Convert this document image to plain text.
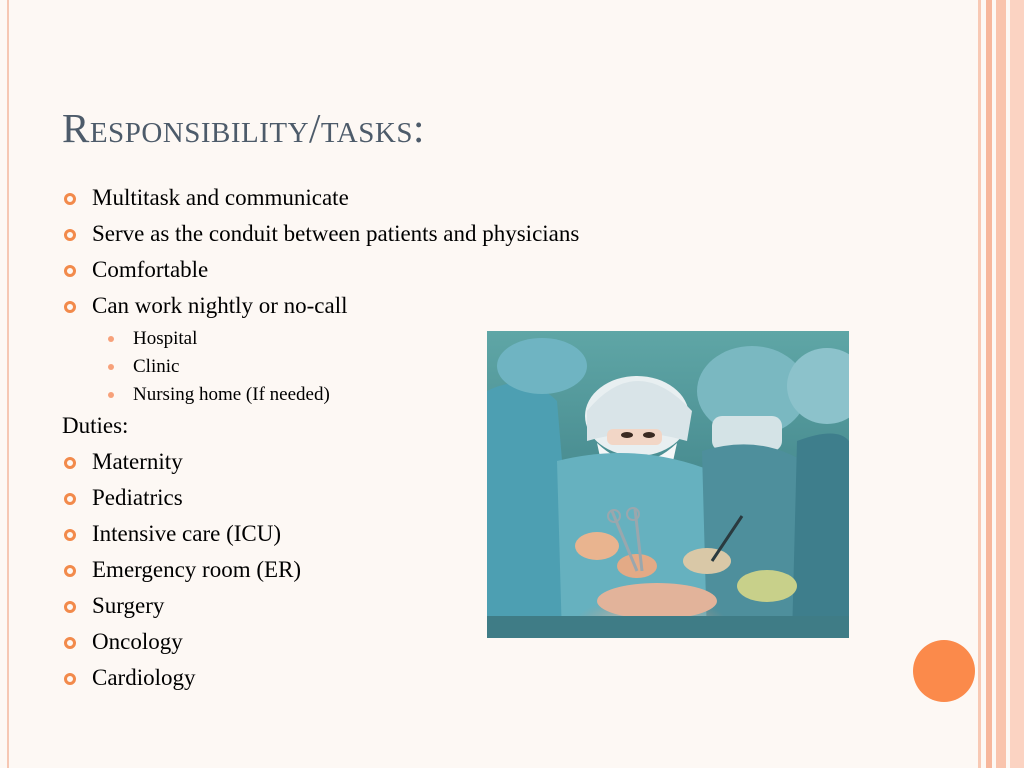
Responsibility/tasks:
Multitask and communicate
Serve as the conduit between patients and physicians
Comfortable
Can work nightly or no-call
Hospital
Clinic
Nursing home (If needed)
Duties:
Maternity
Pediatrics
Intensive care (ICU)
Emergency room (ER)
Surgery
Oncology
Cardiology
